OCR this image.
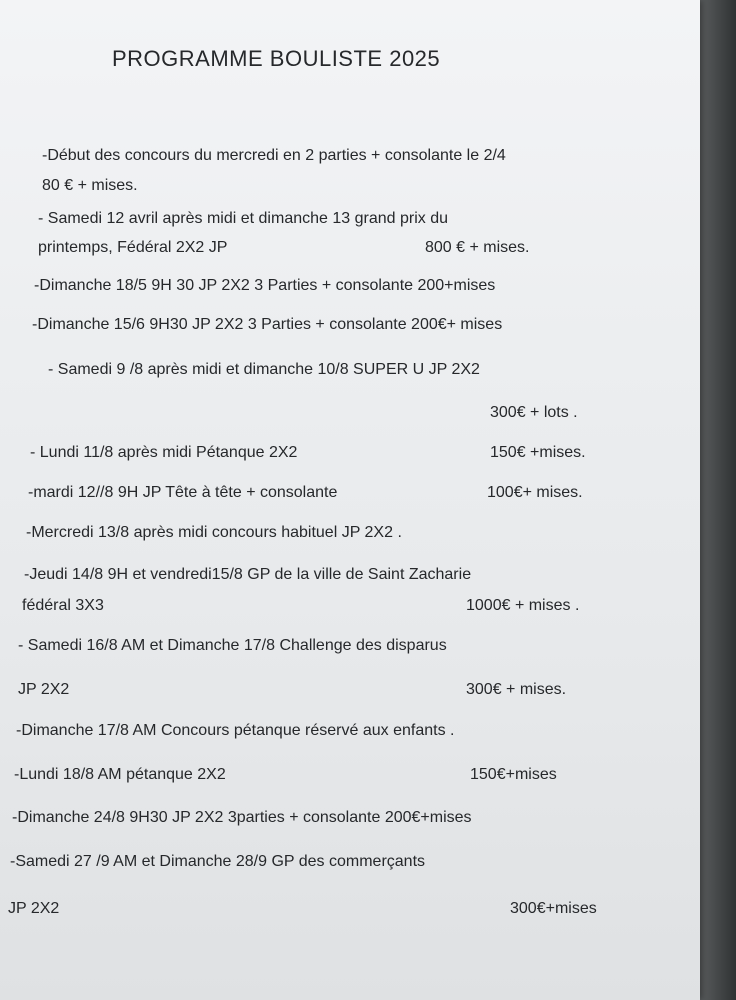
PROGRAMME BOULISTE 2025
-Début des concours du mercredi en 2 parties + consolante le 2/4
80 € + mises.
- Samedi 12 avril après midi et dimanche 13 grand prix du
printemps, Fédéral 2X2 JP	800 € + mises.
-Dimanche 18/5 9H 30 JP 2X2 3 Parties + consolante 200+mises
-Dimanche 15/6 9H30 JP 2X2 3 Parties + consolante 200€+ mises
- Samedi 9 /8 après midi et dimanche 10/8 SUPER U JP 2X2
300€ + lots .
- Lundi 11/8 après midi Pétanque 2X2	150€ +mises.
-mardi 12//8 9H JP Tête à tête + consolante	100€+ mises.
-Mercredi 13/8 après midi concours habituel JP 2X2 .
-Jeudi 14/8 9H et vendredi15/8 GP de la ville de Saint Zacharie
fédéral 3X3	1000€ + mises .
- Samedi 16/8 AM et Dimanche 17/8 Challenge des disparus
JP 2X2	300€ + mises.
-Dimanche 17/8 AM Concours pétanque réservé aux enfants .
-Lundi 18/8 AM pétanque 2X2	150€+mises
-Dimanche 24/8 9H30 JP 2X2 3parties + consolante 200€+mises
-Samedi 27 /9 AM et Dimanche 28/9 GP des commerçants
JP 2X2	300€+mises
